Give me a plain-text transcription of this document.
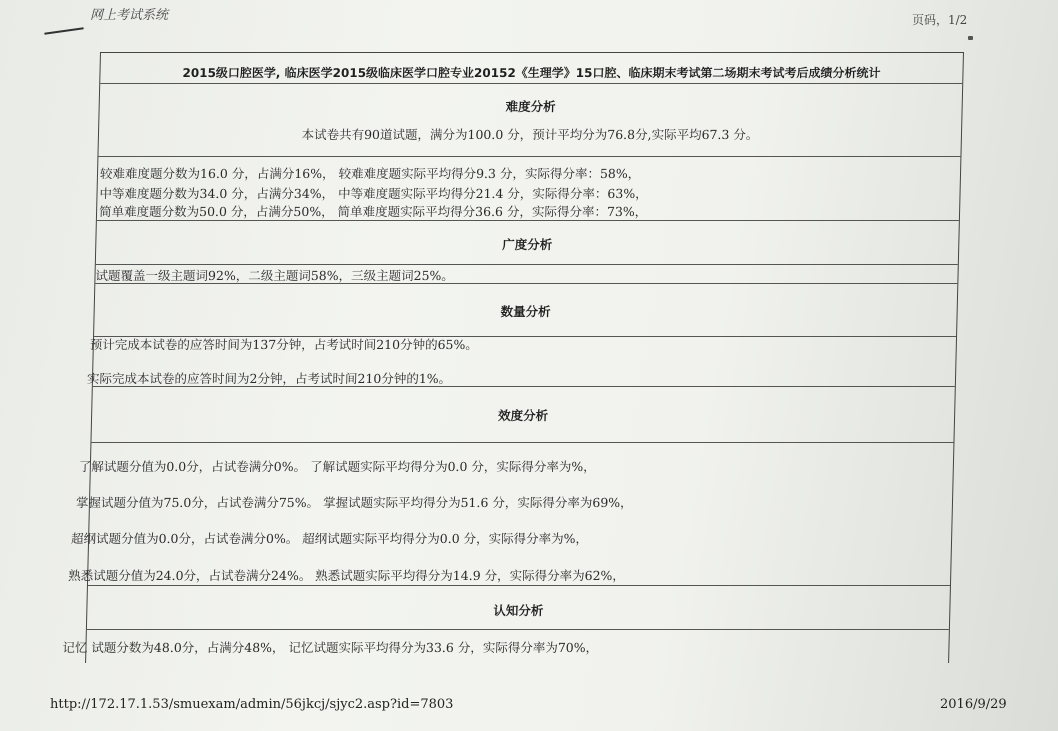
网上考试系统	页码，1/2
2015级口腔医学, 临床医学2015级临床医学口腔专业20152《生理学》15口腔、临床期末考试第二场期末考试考后成绩分析统计
难度分析
本试卷共有90道试题，满分为100.0 分，预计平均分为76.8分,实际平均67.3 分。
较难难度题分数为16.0 分，占满分16%， 较难难度题实际平均得分9.3 分，实际得分率：58%，
中等难度题分数为34.0 分，占满分34%， 中等难度题实际平均得分21.4 分，实际得分率：63%，
简单难度题分数为50.0 分，占满分50%， 简单难度题实际平均得分36.6 分，实际得分率：73%，
广度分析
试题覆盖一级主题词92%，二级主题词58%，三级主题词25%。
数量分析
预计完成本试卷的应答时间为137分钟，占考试时间210分钟的65%。
实际完成本试卷的应答时间为2分钟，占考试时间210分钟的1%。
效度分析
了解试题分值为0.0分，占试卷满分0%。 了解试题实际平均得分为0.0 分，实际得分率为%，
掌握试题分值为75.0分，占试卷满分75%。 掌握试题实际平均得分为51.6 分，实际得分率为69%，
超纲试题分值为0.0分，占试卷满分0%。 超纲试题实际平均得分为0.0 分，实际得分率为%，
熟悉试题分值为24.0分，占试卷满分24%。 熟悉试题实际平均得分为14.9 分，实际得分率为62%，
认知分析
记忆 试题分数为48.0分，占满分48%， 记忆试题实际平均得分为33.6 分，实际得分率为70%，
http://172.17.1.53/smuexam/admin/56jkcj/sjyc2.asp?id=7803	2016/9/29
